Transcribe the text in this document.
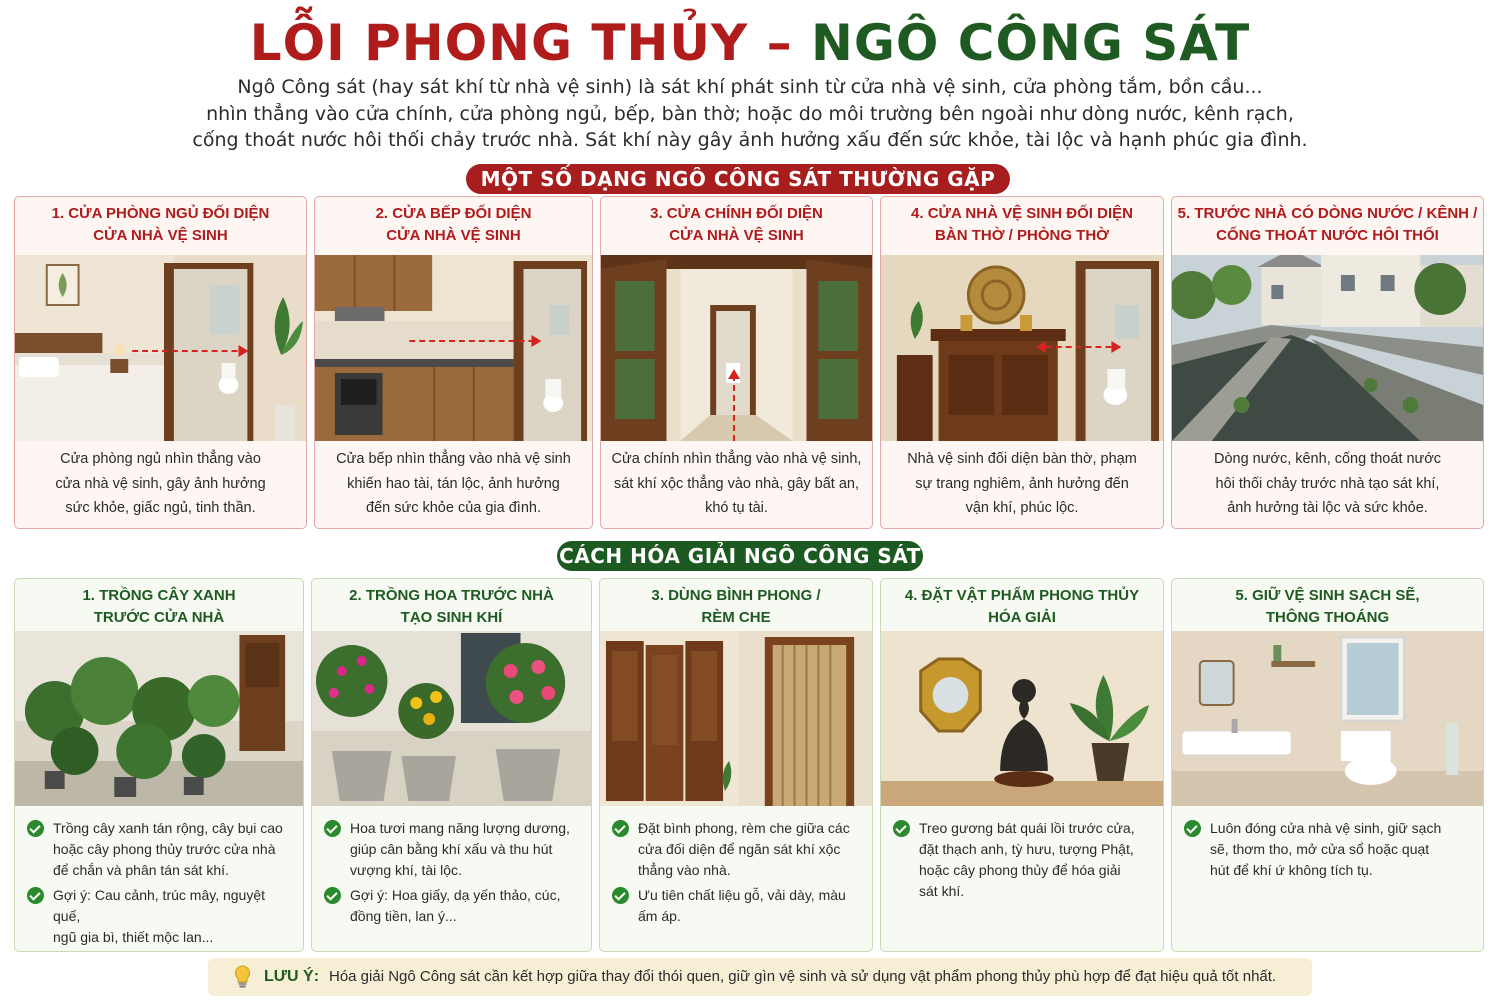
LỖI PHONG THỦY – NGÔ CÔNG SÁT
Ngô Công sát (hay sát khí từ nhà vệ sinh) là sát khí phát sinh từ cửa nhà vệ sinh, cửa phòng tắm, bồn cầu...
nhìn thẳng vào cửa chính, cửa phòng ngủ, bếp, bàn thờ; hoặc do môi trường bên ngoài như dòng nước, kênh rạch,
cống thoát nước hôi thối chảy trước nhà. Sát khí này gây ảnh hưởng xấu đến sức khỏe, tài lộc và hạnh phúc gia đình.
MỘT SỐ DẠNG NGÔ CÔNG SÁT THƯỜNG GẶP
1. CỬA PHÒNG NGỦ ĐỐI DIỆN
CỬA NHÀ VỆ SINH
Cửa phòng ngủ nhìn thẳng vào
cửa nhà vệ sinh, gây ảnh hưởng
sức khỏe, giấc ngủ, tinh thần.
2. CỬA BẾP ĐỐI DIỆN
CỬA NHÀ VỆ SINH
Cửa bếp nhìn thẳng vào nhà vệ sinh
khiến hao tài, tán lộc, ảnh hưởng
đến sức khỏe của gia đình.
3. CỬA CHÍNH ĐỐI DIỆN
CỬA NHÀ VỆ SINH
Cửa chính nhìn thẳng vào nhà vệ sinh,
sát khí xộc thẳng vào nhà, gây bất an,
khó tụ tài.
4. CỬA NHÀ VỆ SINH ĐỐI DIỆN
BÀN THỜ / PHÒNG THỜ
Nhà vệ sinh đối diện bàn thờ, phạm
sự trang nghiêm, ảnh hưởng đến
vận khí, phúc lộc.
5. TRƯỚC NHÀ CÓ DÒNG NƯỚC / KÊNH /
CỐNG THOÁT NƯỚC HÔI THỐI
Dòng nước, kênh, cống thoát nước
hôi thối chảy trước nhà tạo sát khí,
ảnh hưởng tài lộc và sức khỏe.
CÁCH HÓA GIẢI NGÔ CÔNG SÁT
1. TRỒNG CÂY XANH
TRƯỚC CỬA NHÀ
Trồng cây xanh tán rộng, cây bụi cao
hoặc cây phong thủy trước cửa nhà
để chắn và phân tán sát khí.
Gợi ý: Cau cảnh, trúc mây, nguyệt quế,
ngũ gia bì, thiết mộc lan...
2. TRỒNG HOA TRƯỚC NHÀ
TẠO SINH KHÍ
Hoa tươi mang năng lượng dương,
giúp cân bằng khí xấu và thu hút
vượng khí, tài lộc.
Gợi ý: Hoa giấy, dạ yến thảo, cúc,
đồng tiền, lan ý...
3. DÙNG BÌNH PHONG /
RÈM CHE
Đặt bình phong, rèm che giữa các
cửa đối diện để ngăn sát khí xộc
thẳng vào nhà.
Ưu tiên chất liệu gỗ, vải dày, màu
ấm áp.
4. ĐẶT VẬT PHẨM PHONG THỦY
HÓA GIẢI
Treo gương bát quái lồi trước cửa,
đặt thạch anh, tỳ hưu, tượng Phật,
hoặc cây phong thủy để hóa giải
sát khí.
5. GIỮ VỆ SINH SẠCH SẼ,
THÔNG THOÁNG
Luôn đóng cửa nhà vệ sinh, giữ sạch
sẽ, thơm tho, mở cửa sổ hoặc quạt
hút để khí ứ không tích tụ.
LƯU Ý: Hóa giải Ngô Công sát cần kết hợp giữa thay đổi thói quen, giữ gìn vệ sinh và sử dụng vật phẩm phong thủy phù hợp để đạt hiệu quả tốt nhất.
